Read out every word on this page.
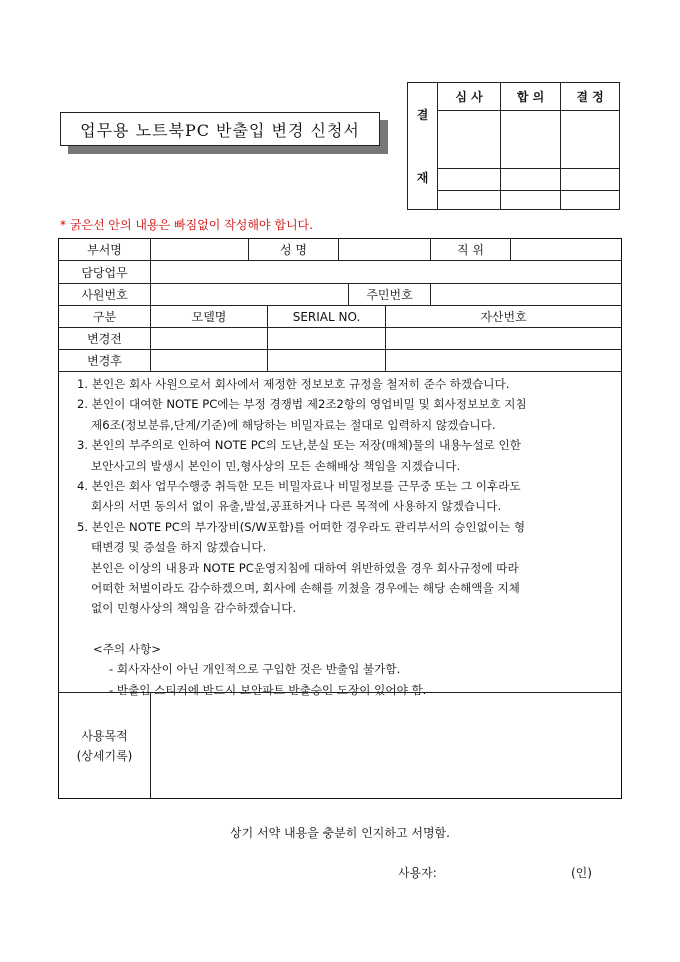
업무용 노트북PC 반출입 변경 신청서
결
재
심 사	합 의	결 정
* 굵은선 안의 내용은 빠짐없이 작성해야 합니다.
부서명	성 명	직 위
담당업무
사원번호	주민번호
구분	모델명	SERIAL NO.	자산번호
변경전
변경후
1. 본인은 회사 사원으로서 회사에서 제정한 정보보호 규정을 철저히 준수 하겠습니다.
2. 본인이 대여한 NOTE PC에는 부정 경쟁법 제2조2항의 영업비밀 및 회사정보보호 지침
제6조(정보분류,단계/기준)에 해당하는 비밀자료는 절대로 입력하지 않겠습니다.
3. 본인의 부주의로 인하여 NOTE PC의 도난,분실 또는 저장(매체)물의 내용누설로 인한
보안사고의 발생시 본인이 민,형사상의 모든 손해배상 책임을 지겠습니다.
4. 본인은 회사 업무수행중 취득한 모든 비밀자료나 비밀정보를 근무중 또는 그 이후라도
회사의 서면 동의서 없이 유출,발설,공표하거나 다른 목적에 사용하지 않겠습니다.
5. 본인은 NOTE PC의 부가장비(S/W포함)를 어떠한 경우라도 관리부서의 승인없이는 형
태변경 및 증설을 하지 않겠습니다.
본인은 이상의 내용과 NOTE PC운영지침에 대하여 위반하였을 경우 회사규정에 따라
어떠한 처벌이라도 감수하겠으며, 회사에 손해를 끼쳤을 경우에는 해당 손해액을 지체
없이 민형사상의 책임을 감수하겠습니다.
<주의 사항>
- 회사자산이 아닌 개인적으로 구입한 것은 반출입 불가함.
- 반출입 스티커에 반드시 보안파트 반출승인 도장이 있어야 함.
사용목적
(상세기록)
상기 서약 내용을 충분히 인지하고 서명함.
사용자:	(인)
